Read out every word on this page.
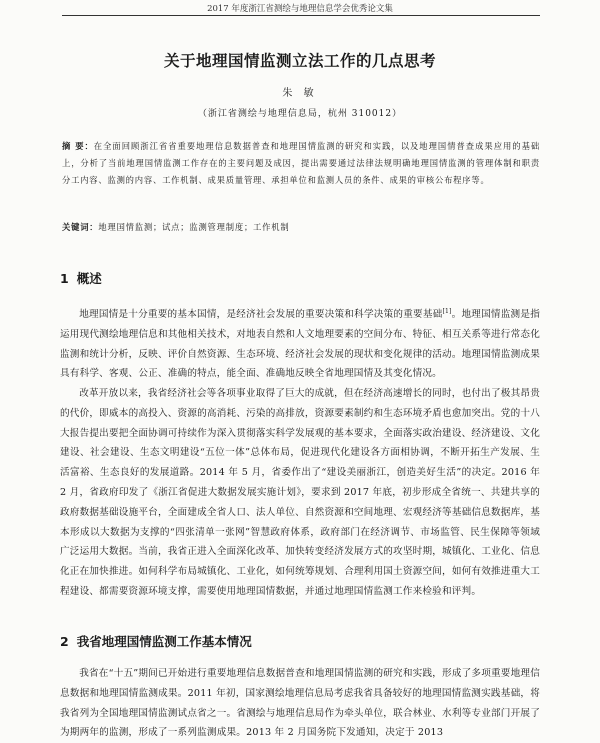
2017 年度浙江省测绘与地理信息学会优秀论文集
关于地理国情监测立法工作的几点思考
朱 敏
（浙江省测绘与地理信息局，杭州 310012）
摘 要：在全面回顾浙江省省重要地理信息数据普查和地理国情监测的研究和实践，以及地理国情普查成果应用的基础上，分析了当前地理国情监测工作存在的主要问题及成因，提出需要通过法律法规明确地理国情监测的管理体制和职责分工内容、监测的内容、工作机制、成果质量管理、承担单位和监测人员的条件、成果的审核公布程序等。
关键词：地理国情监测；试点；监测管理制度；工作机制
1 概述
地理国情是十分重要的基本国情，是经济社会发展的重要决策和科学决策的重要基础[1]。地理国情监测是指运用现代测绘地理信息和其他相关技术，对地表自然和人文地理要素的空间分布、特征、相互关系等进行常态化监测和统计分析，反映、评价自然资源、生态环境、经济社会发展的现状和变化规律的活动。地理国情监测成果具有科学、客观、公正、准确的特点，能全面、准确地反映全省地理国情及其变化情况。
改革开放以来，我省经济社会等各项事业取得了巨大的成就，但在经济高速增长的同时，也付出了极其昂贵的代价，即威本的高投入、资源的高消耗、污染的高排放，资源要素制约和生态环境矛盾也愈加突出。党的十八大报告提出要把全面协调可持续作为深入贯彻落实科学发展观的基本要求，全面落实政治建设、经济建设、文化建设、社会建设、生态文明建设“五位一体”总体布局，促进现代化建设各方面相协调，不断开拓生产发展、生活富裕、生态良好的发展道路。2014 年 5 月，省委作出了“建设美丽浙江，创造美好生活”的决定。2016 年 2 月，省政府印发了《浙江省促进大数据发展实施计划》，要求到 2017 年底，初步形成全省统一、共建共享的政府数据基础设施平台，全面建成全省人口、法人单位、自然资源和空间地理、宏观经济等基础信息数据库，基本形成以大数据为支撑的“四张清单一张网”智慧政府体系，政府部门在经济调节、市场监管、民生保障等领域广泛运用大数据。当前，我省正进入全面深化改革、加快转变经济发展方式的攻坚时期，城镇化、工业化、信息化正在加快推进。如何科学布局城镇化、工业化，如何统筹规划、合理利用国土资源空间，如何有效推进重大工程建设、都需要资源环境支撑，需要使用地理国情数据，并通过地理国情监测工作来检验和评判。
2 我省地理国情监测工作基本情况
我省在“十五”期间已开始进行重要地理信息数据普查和地理国情监测的研究和实践，形成了多项重要地理信息数据和地理国情监测成果。2011 年初，国家测绘地理信息局考虑我省具备较好的地理国情监测实践基础，将我省列为全国地理国情监测试点省之一。省测绘与地理信息局作为牵头单位，联合林业、水利等专业部门开展了为期两年的监测，形成了一系列监测成果。2013 年 2 月国务院下发通知，决定于 2013
